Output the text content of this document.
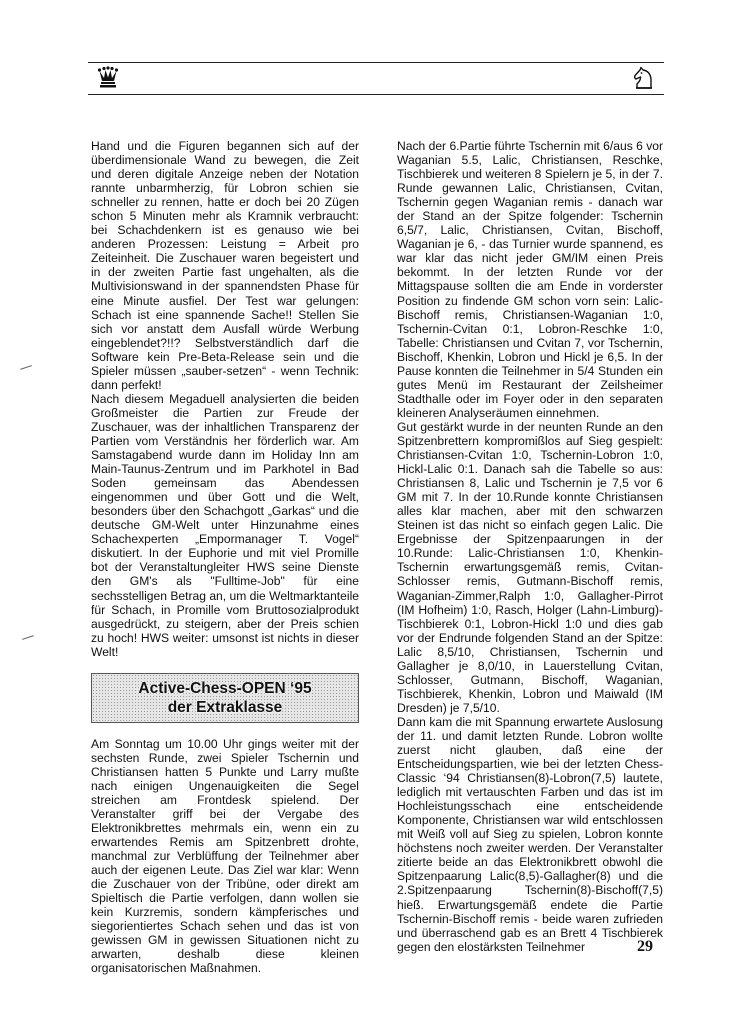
Hand und die Figuren begannen sich auf der überdimensionale Wand zu bewegen, die Zeit und deren digitale Anzeige neben der Notation rannte unbarmherzig, für Lobron schien sie schneller zu rennen, hatte er doch bei 20 Zügen schon 5 Minuten mehr als Kramnik verbraucht: bei Schachdenkern ist es genauso wie bei anderen Prozessen: Leistung = Arbeit pro Zeiteinheit. Die Zuschauer waren begeistert und in der zweiten Partie fast ungehalten, als die Multivisionswand in der spannendsten Phase für eine Minute ausfiel. Der Test war gelungen: Schach ist eine spannende Sache!! Stellen Sie sich vor anstatt dem Ausfall würde Werbung eingeblendet?!!? Selbstverständlich darf die Software kein Pre-Beta-Release sein und die Spieler müssen „sauber-setzen“ - wenn Technik: dann perfekt!

Nach diesem Megaduell analysierten die beiden Großmeister die Partien zur Freude der Zuschauer, was der inhaltlichen Transparenz der Partien vom Verständnis her förderlich war. Am Samstagabend wurde dann im Holiday Inn am Main-Taunus-Zentrum und im Parkhotel in Bad Soden gemeinsam das Abendessen eingenommen und über Gott und die Welt, besonders über den Schachgott „Garkas“ und die deutsche GM-Welt unter Hinzunahme eines Schachexperten „Empormanager T. Vogel“ diskutiert. In der Euphorie und mit viel Promille bot der Veranstaltungleiter HWS seine Dienste den GM's als "Fulltime-Job" für eine sechsstelligen Betrag an, um die Weltmarktanteile für Schach, in Promille vom Bruttosozialprodukt ausgedrückt, zu steigern, aber der Preis schien zu hoch! HWS weiter: umsonst ist nichts in dieser Welt!

Active-Chess-OPEN ‘95
der Extraklasse

Am Sonntag um 10.00 Uhr gings weiter mit der sechsten Runde, zwei Spieler Tschernin und Christiansen hatten 5 Punkte und Larry mußte nach einigen Ungenauigkeiten die Segel streichen am Frontdesk spielend. Der Veranstalter griff bei der Vergabe des Elektronikbrettes mehrmals ein, wenn ein zu erwartendes Remis am Spitzenbrett drohte, manchmal zur Verblüffung der Teilnehmer aber auch der eigenen Leute. Das Ziel war klar: Wenn die Zuschauer von der Tribüne, oder direkt am Spieltisch die Partie verfolgen, dann wollen sie kein Kurzremis, sondern kämpferisches und siegorientiertes Schach sehen und das ist von gewissen GM in gewissen Situationen nicht zu arwarten, deshalb diese kleinen organisatorischen Maßnahmen.

Nach der 6.Partie führte Tschernin mit 6/aus 6 vor Waganian 5.5, Lalic, Christiansen, Reschke, Tischbierek und weiteren 8 Spielern je 5, in der 7. Runde gewannen Lalic, Christiansen, Cvitan, Tschernin gegen Waganian remis - danach war der Stand an der Spitze folgender: Tschernin 6,5/7, Lalic, Christiansen, Cvitan, Bischoff, Waganian je 6, - das Turnier wurde spannend, es war klar das nicht jeder GM/IM einen Preis bekommt. In der letzten Runde vor der Mittagspause sollten die am Ende in vorderster Position zu findende GM schon vorn sein: Lalic-Bischoff remis, Christiansen-Waganian 1:0, Tschernin-Cvitan 0:1, Lobron-Reschke 1:0, Tabelle: Christiansen und Cvitan 7, vor Tschernin, Bischoff, Khenkin, Lobron und Hickl je 6,5. In der Pause konnten die Teilnehmer in 5/4 Stunden ein gutes Menü im Restaurant der Zeilsheimer Stadthalle oder im Foyer oder in den separaten kleineren Analyseräumen einnehmen.

Gut gestärkt wurde in der neunten Runde an den Spitzenbrettern kompromißlos auf Sieg gespielt: Christiansen-Cvitan 1:0, Tschernin-Lobron 1:0, Hickl-Lalic 0:1. Danach sah die Tabelle so aus: Christiansen 8, Lalic und Tschernin je 7,5 vor 6 GM mit 7. In der 10.Runde konnte Christiansen alles klar machen, aber mit den schwarzen Steinen ist das nicht so einfach gegen Lalic. Die Ergebnisse der Spitzenpaarungen in der 10.Runde: Lalic-Christiansen 1:0, Khenkin-Tschernin erwartungsgemäß remis, Cvitan-Schlosser remis, Gutmann-Bischoff remis, Waganian-Zimmer,Ralph 1:0, Gallagher-Pirrot (IM Hofheim) 1:0, Rasch, Holger (Lahn-Limburg)-Tischbierek 0:1, Lobron-Hickl 1:0 und dies gab vor der Endrunde folgenden Stand an der Spitze: Lalic 8,5/10, Christiansen, Tschernin und Gallagher je 8,0/10, in Lauerstellung Cvitan, Schlosser, Gutmann, Bischoff, Waganian, Tischbierek, Khenkin, Lobron und Maiwald (IM Dresden) je 7,5/10.

Dann kam die mit Spannung erwartete Auslosung der 11. und damit letzten Runde. Lobron wollte zuerst nicht glauben, daß eine der Entscheidungspartien, wie bei der letzten Chess-Classic ‘94 Christiansen(8)-Lobron(7,5) lautete, lediglich mit vertauschten Farben und das ist im Hochleistungsschach eine entscheidende Komponente, Christiansen war wild entschlossen mit Weiß voll auf Sieg zu spielen, Lobron konnte höchstens noch zweiter werden. Der Veranstalter zitierte beide an das Elektronikbrett obwohl die Spitzenpaarung Lalic(8,5)-Gallagher(8) und die 2.Spitzenpaarung Tschernin(8)-Bischoff(7,5) hieß. Erwartungsgemäß endete die Partie Tschernin-Bischoff remis - beide waren zufrieden und überraschend gab es an Brett 4 Tischbierek gegen den elostärksten Teilnehmer	29
